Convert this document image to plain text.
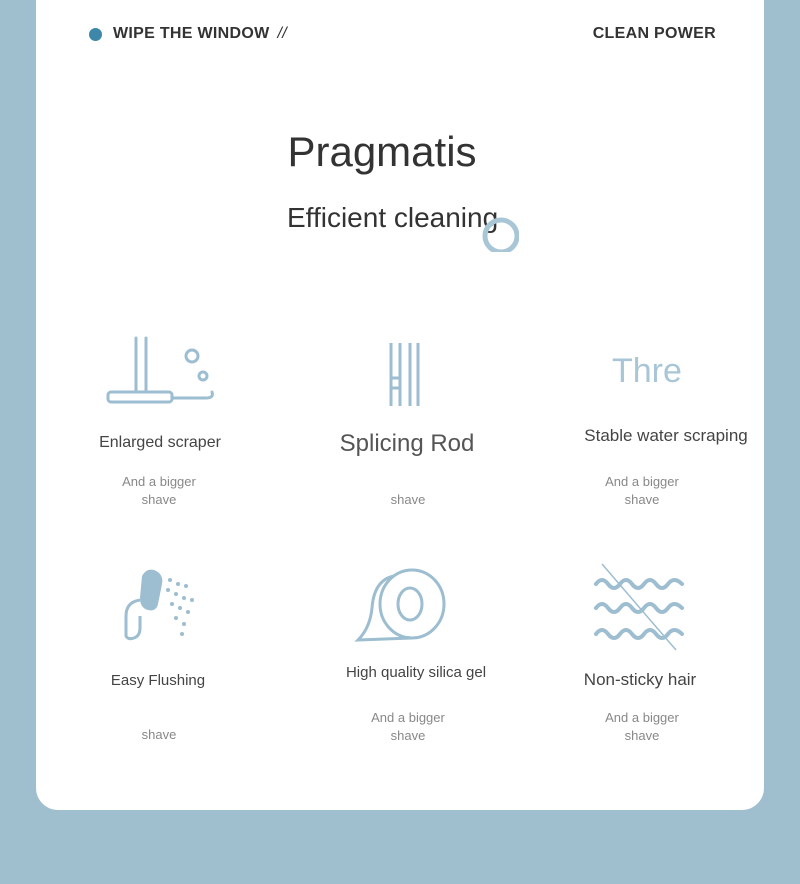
WIPE THE WINDOW //	CLEAN POWER
Pragmatis
Efficient cleaning
Enlarged scraper
And a bigger
shave
Splicing Rod
shave
Thre
Stable water scraping
And a bigger
shave
Easy Flushing
shave
High quality silica gel
And a bigger
shave
Non-sticky hair
And a bigger
shave
